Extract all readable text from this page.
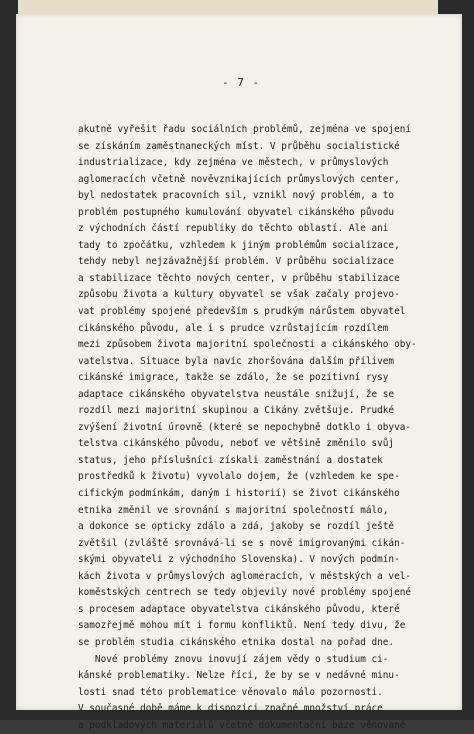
- 7 -
akutně vyřešit řadu sociálních problémů, zejména ve spojení
se získáním zaměstnaneckých míst. V průběhu socialistické
industrializace, kdy zejména ve městech, v průmyslových
aglomeracích včetně nověvznikajících průmyslových center,
byl nedostatek pracovních sil, vznikl nový problém, a to
problém postupného kumulování obyvatel cikánského původu
z východních částí republiky do těchto oblastí. Ale ani
tady to zpočátku, vzhledem k jiným problémům socializace,
tehdy nebyl nejzávažnější problém. V průběhu socializace
a stabilizace těchto nových center, v průběhu stabilizace
způsobu života a kultury obyvatel se však začaly projevo-
vat problémy spojené především s prudkým nárůstem obyvatel
cikánského původu, ale i s prudce vzrůstajícím rozdílem
mezi způsobem života majoritní společnosti a cikánského oby-
vatelstva. Situace byla navíc zhoršována dalším přílivem
cikánské imigrace, takže se zdálo, že se pozitivní rysy
adaptace cikánského obyvatelstva neustále snižují, že se
rozdíl mezi majoritní skupinou a Cikány zvětšuje. Prudké
zvýšení životní úrovně (které se nepochybně dotklo i obyva-
telstva cikánského původu, neboť ve většině změnilo svůj
status, jeho příslušníci získali zaměstnání a dostatek
prostředků k životu) vyvolalo dojem, že (vzhledem ke spe-
cifickým podmínkám, daným i historií) se život cikánského
etnika změnil ve srovnání s majoritní společností málo,
a dokonce se opticky zdálo a zdá, jakoby se rozdíl ještě
zvětšil (zvláště srovnává-li se s nově imigrovanými cikán-
skými obyvateli z východního Slovenska). V nových podmín-
kách života v průmyslových aglomeracích, v městských a vel-
koměstských centrech se tedy objevily nové problémy spojené
s procesem adaptace obyvatelstva cikánského původu, které
samozřejmě mohou mít i formu konfliktů. Není tedy divu, že
se problém studia cikánského etnika dostal na pořad dne.
Nové problémy znovu inovují zájem vědy o studium ci-
kánské problematiky. Nelze říci, že by se v nedávné minu-
losti snad této problematice věnovalo málo pozornosti.
V současné době máme k dispozici značné množství práce
a podkladových materiálů včetně dokumentační báze věnované
